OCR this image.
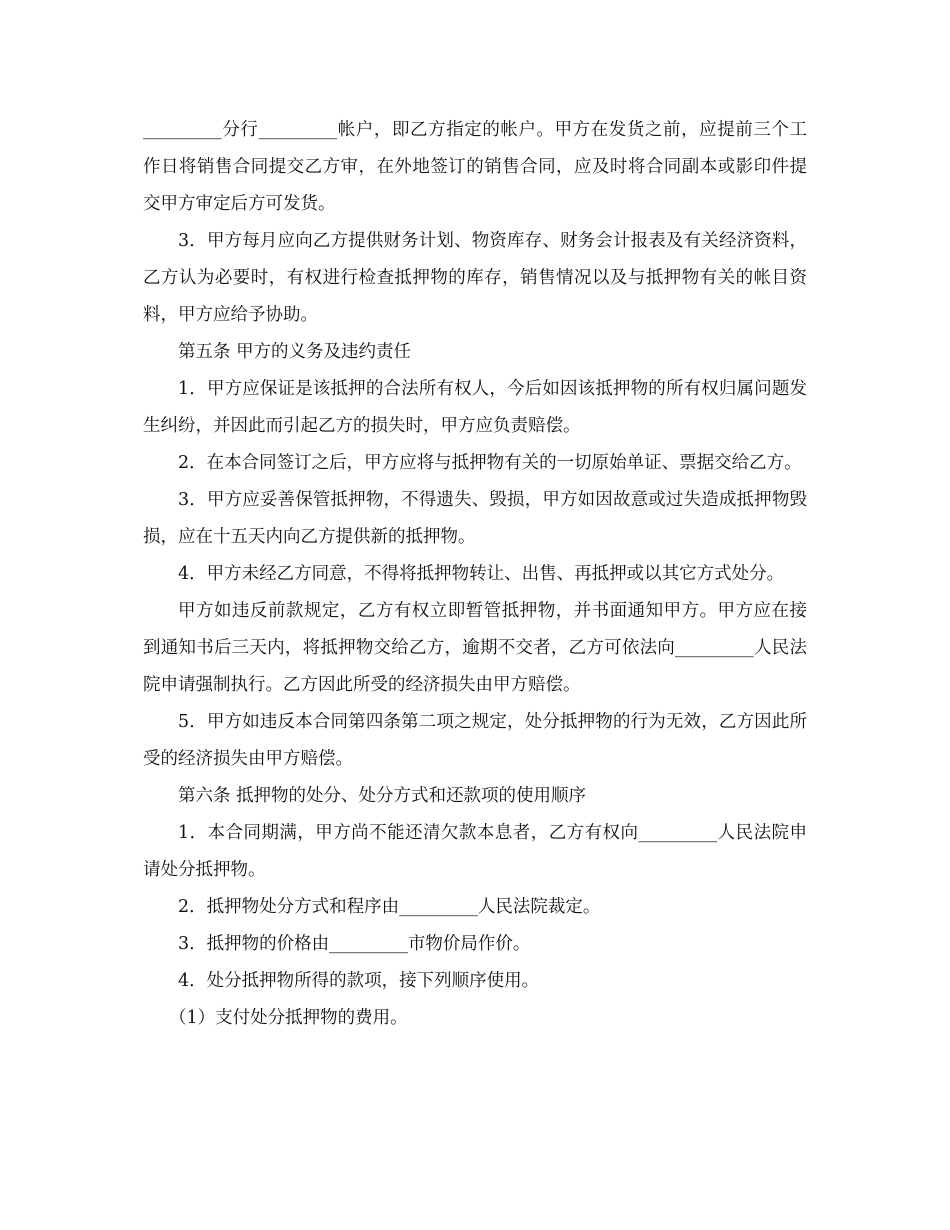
_________分行_________帐户，即乙方指定的帐户。甲方在发货之前，应提前三个工作日将销售合同提交乙方审，在外地签订的销售合同，应及时将合同副本或影印件提交甲方审定后方可发货。

3．甲方每月应向乙方提供财务计划、物资库存、财务会计报表及有关经济资料，乙方认为必要时，有权进行检查抵押物的库存，销售情况以及与抵押物有关的帐目资料，甲方应给予协助。

第五条 甲方的义务及违约责任

1．甲方应保证是该抵押的合法所有权人，今后如因该抵押物的所有权归属问题发生纠纷，并因此而引起乙方的损失时，甲方应负责赔偿。

2．在本合同签订之后，甲方应将与抵押物有关的一切原始单证、票据交给乙方。

3．甲方应妥善保管抵押物，不得遗失、毁损，甲方如因故意或过失造成抵押物毁损，应在十五天内向乙方提供新的抵押物。

4．甲方未经乙方同意，不得将抵押物转让、出售、再抵押或以其它方式处分。

甲方如违反前款规定，乙方有权立即暂管抵押物，并书面通知甲方。甲方应在接到通知书后三天内，将抵押物交给乙方，逾期不交者，乙方可依法向_________人民法院申请强制执行。乙方因此所受的经济损失由甲方赔偿。

5．甲方如违反本合同第四条第二项之规定，处分抵押物的行为无效，乙方因此所受的经济损失由甲方赔偿。

第六条 抵押物的处分、处分方式和还款项的使用顺序

1．本合同期满，甲方尚不能还清欠款本息者，乙方有权向_________人民法院申请处分抵押物。

2．抵押物处分方式和程序由_________人民法院裁定。

3．抵押物的价格由_________市物价局作价。

4．处分抵押物所得的款项，接下列顺序使用。

（1）支付处分抵押物的费用。
